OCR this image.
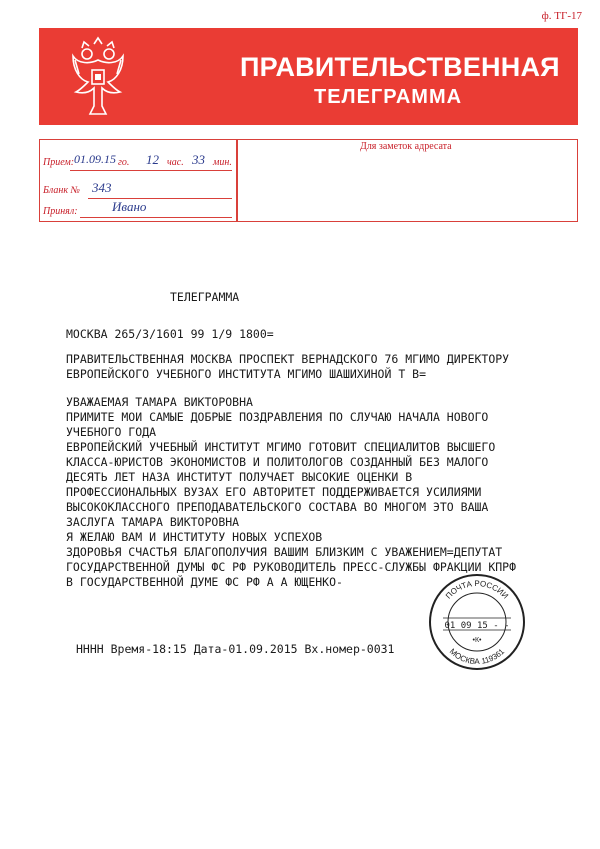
ф. ТГ-17
ПРАВИТЕЛЬСТВЕННАЯ
ТЕЛЕГРАММА
Для заметок адресата
Прием: 01.09.15 го. 12 час. 33 мин.
Бланк № 343
Принял:	Ивано
ТЕЛЕГРАММА
МОСКВА 265/3/1601 99 1/9 1800=
ПРАВИТЕЛЬСТВЕННАЯ МОСКВА ПРОСПЕКТ ВЕРНАДСКОГО 76 МГИМО ДИРЕКТОРУ
ЕВРОПЕЙСКОГО УЧЕБНОГО ИНСТИТУТА МГИМО ШАШИХИНОЙ Т В=
УВАЖАЕМАЯ ТАМАРА ВИКТОРОВНА
ПРИМИТЕ МОИ САМЫЕ ДОБРЫЕ ПОЗДРАВЛЕНИЯ ПО СЛУЧАЮ НАЧАЛА НОВОГО
УЧЕБНОГО ГОДА
ЕВРОПЕЙСКИЙ УЧЕБНЫЙ ИНСТИТУТ МГИМО ГОТОВИТ СПЕЦИАЛИТОВ ВЫСШЕГО
КЛАССА-ЮРИСТОВ ЭКОНОМИСТОВ И ПОЛИТОЛОГОВ СОЗДАННЫЙ БЕЗ МАЛОГО
ДЕСЯТЬ ЛЕТ НАЗА ИНСТИТУТ ПОЛУЧАЕТ ВЫСОКИЕ ОЦЕНКИ В
ПРОФЕССИОНАЛЬНЫХ ВУЗАХ ЕГО АВТОРИТЕТ ПОДДЕРЖИВАЕТСЯ УСИЛИЯМИ
ВЫСОКОКЛАССНОГО ПРЕПОДАВАТЕЛЬСКОГО СОСТАВА ВО МНОГОМ ЭТО ВАША
ЗАСЛУГА ТАМАРА ВИКТОРОВНА
Я ЖЕЛАЮ ВАМ И ИНСТИТУТУ НОВЫХ УСПЕХОВ
ЗДОРОВЬЯ СЧАСТЬЯ БЛАГОПОЛУЧИЯ ВАШИМ БЛИЗКИМ С УВАЖЕНИЕМ=ДЕПУТАТ
ГОСУДАРСТВЕННОЙ ДУМЫ ФС РФ РУКОВОДИТЕЛЬ ПРЕСС-СЛУЖБЫ ФРАКЦИИ КПРФ
В ГОСУДАРСТВЕННОЙ ДУМЕ ФС РФ А А ЮЩЕНКО-
НННН Время-18:15 Дата-01.09.2015 Вх.номер-0031
ПОЧТА РОССИИ
01 09 15 - -
•К•
МОСКВА 119361
